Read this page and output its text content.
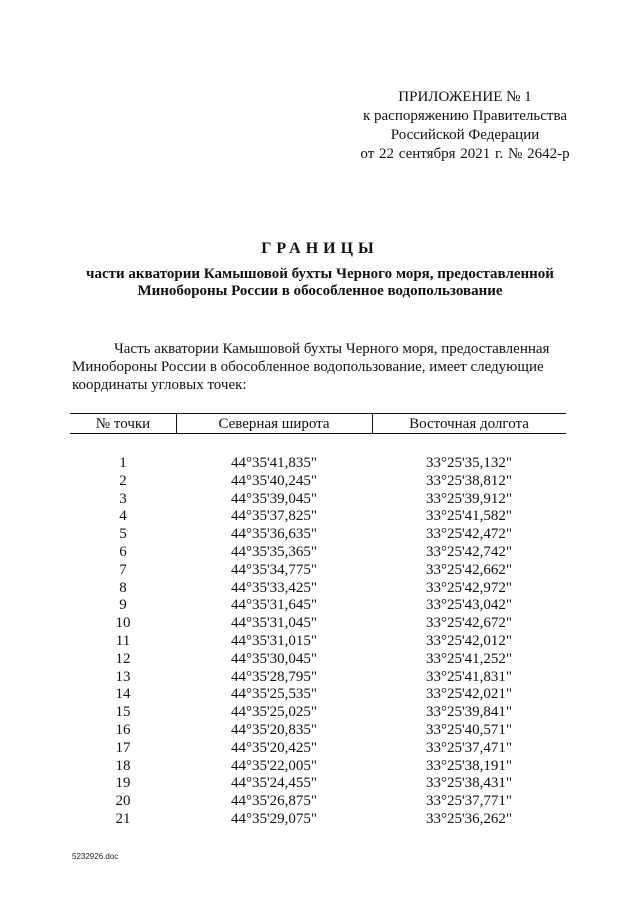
ПРИЛОЖЕНИЕ № 1
к распоряжению Правительства
Российской Федерации
от 22 сентября 2021 г. № 2642-р
ГРАНИЦЫ
части акватории Камышовой бухты Черного моря, предоставленной
Минобороны России в обособленное водопользование
Часть акватории Камышовой бухты Черного моря, предоставленная
Минобороны России в обособленное водопользование, имеет следующие
координаты угловых точек:
№ точки	Северная широта	Восточная долгота
1	44°35'41,835"	33°25'35,132"
2	44°35'40,245"	33°25'38,812"
3	44°35'39,045"	33°25'39,912"
4	44°35'37,825"	33°25'41,582"
5	44°35'36,635"	33°25'42,472"
6	44°35'35,365"	33°25'42,742"
7	44°35'34,775"	33°25'42,662"
8	44°35'33,425"	33°25'42,972"
9	44°35'31,645"	33°25'43,042"
10	44°35'31,045"	33°25'42,672"
11	44°35'31,015"	33°25'42,012"
12	44°35'30,045"	33°25'41,252"
13	44°35'28,795"	33°25'41,831"
14	44°35'25,535"	33°25'42,021"
15	44°35'25,025"	33°25'39,841"
16	44°35'20,835"	33°25'40,571"
17	44°35'20,425"	33°25'37,471"
18	44°35'22,005"	33°25'38,191"
19	44°35'24,455"	33°25'38,431"
20	44°35'26,875"	33°25'37,771"
21	44°35'29,075"	33°25'36,262"
5232926.doc
